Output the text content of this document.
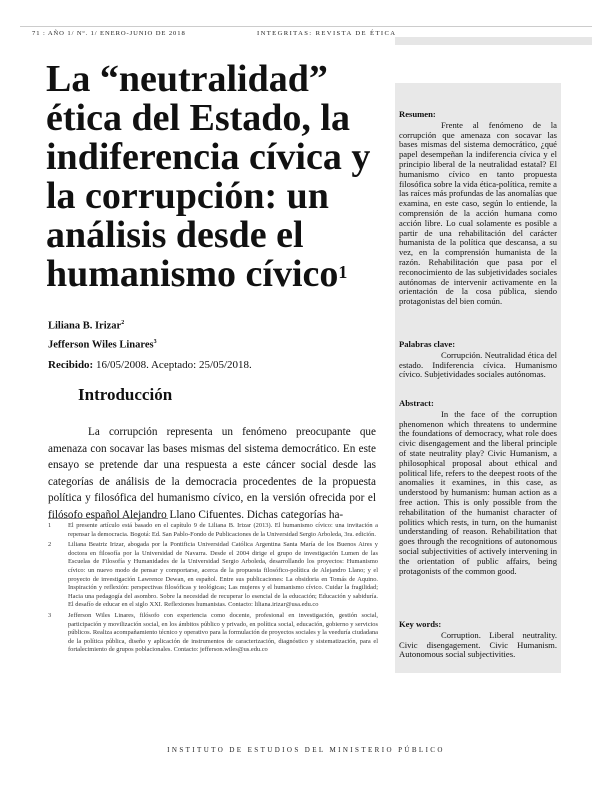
71 : AÑO 1/ Nº. 1/ ENERO-JUNIO DE 2018	INTEGRITAS: REVISTA DE ÉTICA
La “neutralidad” ética del Estado, la indiferencia cívica y la corrupción: un análisis desde el humanismo cívico$^1$
Liliana B. Irizar$^2$
Jefferson Wiles Linares$^3$
Recibido: 16/05/2008. Aceptado: 25/05/2018.
Introducción

La corrupción representa un fenómeno preocupante que amenaza con socavar las bases mismas del sistema democrático. En este ensayo se pretende dar una respuesta a este cáncer social desde las categorías de análisis de la democracia procedentes de la propuesta política y filosófica del humanismo cívico, en la versión ofrecida por el filósofo español Alejandro Llano Cifuentes. Dichas categorías ha-

1	El presente artículo está basado en el capítulo 9 de Liliana B. Irizar (2013). El humanismo cívico: una invitación a repensar la democracia. Bogotá: Ed. San Pablo-Fondo de Publicaciones de la Universidad Sergio Arboleda, 3ra. edición.
2	Liliana Beatriz Irizar, abogada por la Pontificia Universidad Católica Argentina Santa María de los Buenos Aires y doctora en filosofía por la Universidad de Navarra. Desde el 2004 dirige el grupo de investigación Lumen de las Escuelas de Filosofía y Humanidades de la Universidad Sergio Arboleda, desarrollando los proyectos: Humanismo cívico: un nuevo modo de pensar y comportarse, acerca de la propuesta filosófico-política de Alejandro Llano; y el proyecto de investigación Lawrence Dewan, en español. Entre sus publicaciones: La obsidoria en Tomás de Aquino. Inspiración y reflexión: perspectivas filosóficas y teológicas; Las mujeres y el humanismo cívico. Cuidar la fragilidad; Hacia una pedagogía del asombro. Sobre la necesidad de recuperar lo esencial de la educación; Educación y sabiduría. El desafío de educar en el siglo XXI. Reflexiones humanistas. Contacto: liliana.irizar@usa.edu.co
3	Jefferson Wiles Linares, filósofo con experiencia como docente, profesional en investigación, gestión social, participación y movilización social, en los ámbitos público y privado, en política social, educación, gobierno y servicios públicos. Realiza acompañamiento técnico y operativo para la formulación de proyectos sociales y la veeduría ciudadana de la política pública, diseño y aplicación de instrumentos de caracterización, diagnóstico y sistematización, para el fortalecimiento de grupos poblacionales. Contacto: jefferson.wiles@us.edu.co
Resumen:
Frente al fenómeno de la corrupción que amenaza con socavar las bases mismas del sistema democrático, ¿qué papel desempeñan la indiferencia cívica y el principio liberal de la neutralidad estatal? El humanismo cívico en tanto propuesta filosófica sobre la vida ética-política, remite a las raíces más profundas de las anomalías que examina, en este caso, según lo entiende, la comprensión de la acción humana como acción libre. Lo cual solamente es posible a partir de una rehabilitación del carácter humanista de la política que descansa, a su vez, en la comprensión humanista de la razón. Rehabilitación que pasa por el reconocimiento de las subjetividades sociales autónomas de intervenir activamente en la orientación de la cosa pública, siendo protagonistas del bien común.
Palabras clave:
Corrupción. Neutralidad ética del estado. Indiferencia cívica. Humanismo cívico. Subjetividades sociales autónomas.
Abstract:
In the face of the corruption phenomenon which threatens to undermine the foundations of democracy, what role does civic disengagement and the liberal principle of state neutrality play? Civic Humanism, a philosophical proposal about ethical and political life, refers to the deepest roots of the anomalies it examines, in this case, as understood by humanism: human action as a free action. This is only possible from the rehabilitation of the humanist character of politics which rests, in turn, on the humanist understanding of reason. Rehabilitation that goes through the recognitions of autonomous social subjectivities of actively intervening in the orientation of public affairs, being protagonists of the common good.
Key words:
Corruption. Liberal neutrality. Civic disengagement. Civic Humanism. Autonomous social subjectivities.
INSTITUTO DE ESTUDIOS DEL MINISTERIO PÚBLICO
